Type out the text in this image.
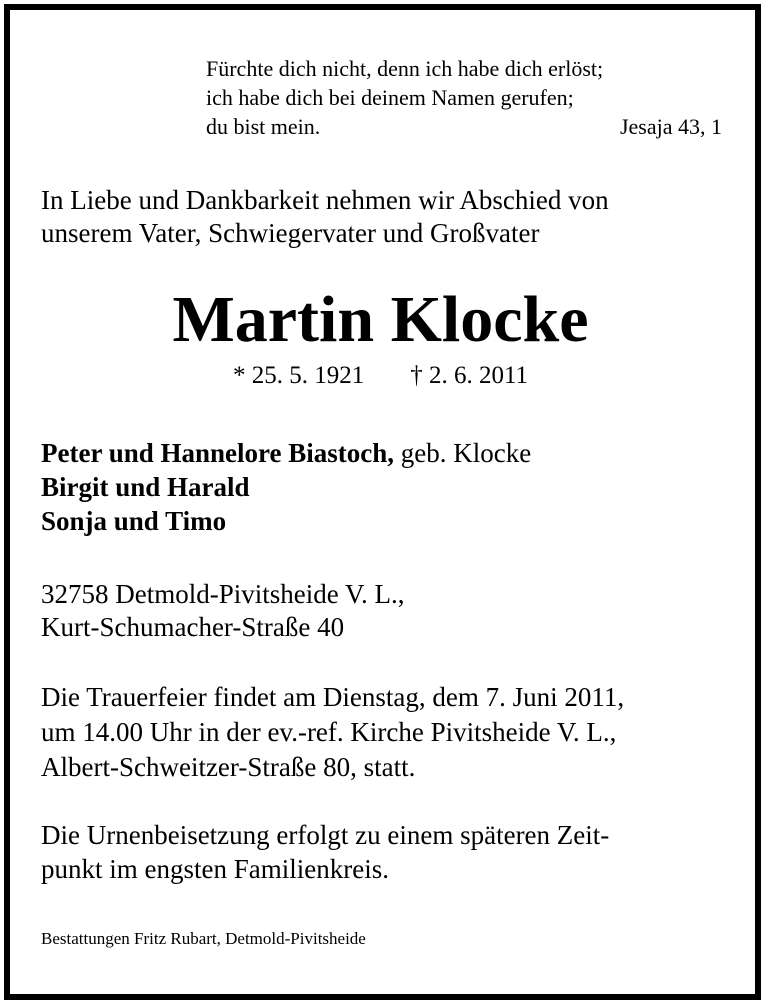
Fürchte dich nicht, denn ich habe dich erlöst;
ich habe dich bei deinem Namen gerufen;
du bist mein.	Jesaja 43, 1
In Liebe und Dankbarkeit nehmen wir Abschied von
unserem Vater, Schwiegervater und Großvater
Martin Klocke
* 25. 5. 1921 † 2. 6. 2011
Peter und Hannelore Biastoch, geb. Klocke
Birgit und Harald
Sonja und Timo
32758 Detmold-Pivitsheide V. L.,
Kurt-Schumacher-Straße 40
Die Trauerfeier findet am Dienstag, dem 7. Juni 2011,
um 14.00 Uhr in der ev.-ref. Kirche Pivitsheide V. L.,
Albert-Schweitzer-Straße 80, statt.
Die Urnenbeisetzung erfolgt zu einem späteren Zeit-
punkt im engsten Familienkreis.
Bestattungen Fritz Rubart, Detmold-Pivitsheide
